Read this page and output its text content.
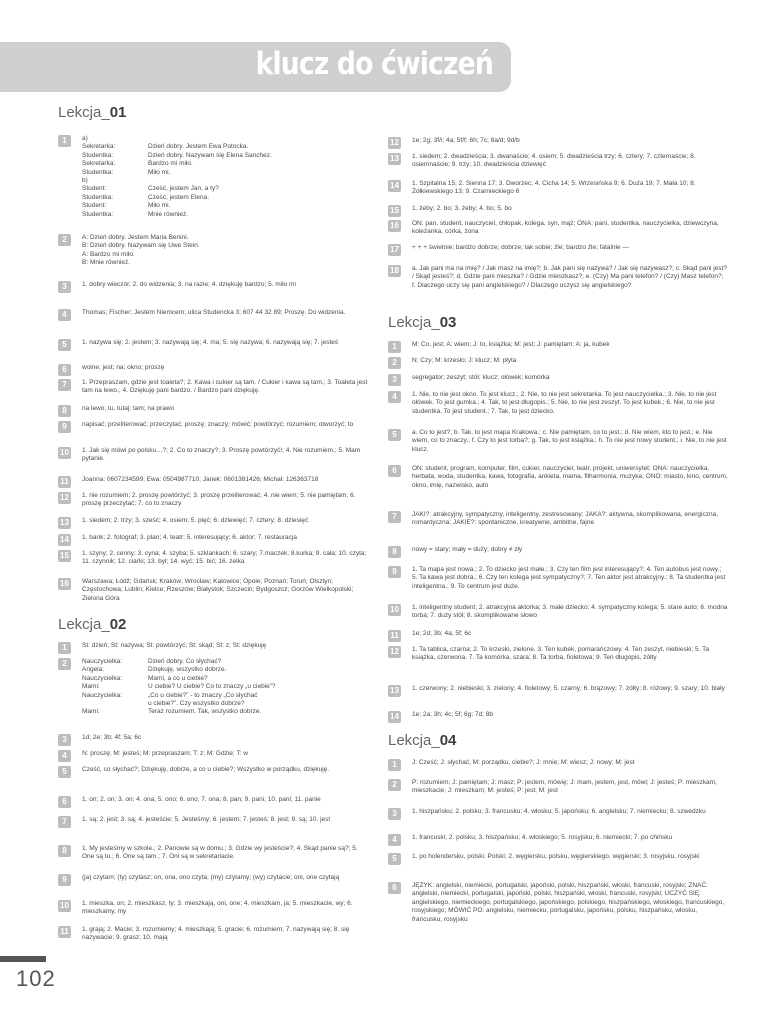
klucz do ćwiczeń
Lekcja_01
1	a)
Sekretarka:	Dzień dobry. Jestem Ewa Potocka.
Studentka:	Dzień dobry. Nazywam się Elena Sanchez.
Sekretarka:	Bardzo mi miło.
Studentka:	Miło mi.
b)
Student:	Cześć, jestem Jan, a ty?
Studentka:	Cześć, jestem Elena.
Student:	Miło mi.
Studentka:	Mnie również.
2	A: Dzień dobry. Jestem Maria Benini.
B: Dzień dobry. Nazywam się Uwe Stein.
A: Bardzo mi miło.
B: Mnie również.
3	1. dobry wieczór, 2. do widzenia; 3. na razie; 4. dziękuję bardzo; 5. miło mi
4	Thomas; Fischer; Jestem Niemcem; ulica Studencka 3; 607 44 32 89; Proszę. Do widzenia.
5	1. nazywa się; 2. jestem; 3. nazywają się; 4. ma; 5. się nazywa; 6. nazywają się; 7. jesteś
6	wolne; jest; na; okno; proszę
7	1. Przepraszam, gdzie jest toaleta?; 2. Kawa i cukier są tam. / Cukier i kawa są tam.; 3. Toaleta jest tam na lewo.; 4. Dziękuję pani bardzo. / Bardzo pani dziękuję.
8	na lewo; tu, tutaj; tam; na prawo
9	napisać; przeliterować; przeczytać; proszę; znaczy; mówić; powtórzyć; rozumiem; otworzyć; to
10	1. Jak się mówi po polsku…?; 2. Co to znaczy?; 3. Proszę powtórzyć!; 4. Nie rozumiem.; 5. Mam pytanie.
11	Joanna: 0607234599; Ewa: 0504987710; Janek: 0601381426; Michał: 126363718
12	1. nie rozumiem; 2. proszę powtórzyć; 3. proszę przeliterować; 4. nie wiem; 5. nie pamiętam; 6. proszę przeczytać; 7. co to znaczy
13	1. siedem; 2. trzy; 3. sześć; 4. osiem; 5. pięć; 6. dziewięć; 7. cztery; 8. dziesięć
14	1. bank; 2. fotograf; 3. plan; 4. teatr; 5. interesujący; 6. aktor; 7. restauracja
15	1. szyny; 2. cenny; 3. cyna; 4. szyba; 5. szklankach; 6. szary; 7.maczek; 8.kurka; 9. cała; 10. czyta; 11. czynnik; 12. ciarki; 13. był; 14. wyć; 15. bić; 16. żelka
16	Warszawa; Łódź; Gdańsk; Kraków; Wrocław; Katowice; Opole; Poznań; Toruń; Olsztyn; Częstochowa; Lublin; Kielce; Rzeszów; Białystok; Szczecin; Bydgoszcz; Gorzów Wielkopolski; Zielona Góra
Lekcja_02
1	St: dzień; St: nazywa; St: powtórzyć; St: skąd; St: z; St: dziękuję
2	Nauczycielka:	Dzień dobry. Co słychać?
Angela:	Dziękuję, wszystko dobrze.
Nauczycielka:	Mami, a co u ciebie?
Mami:	U ciebie? U ciebie? Co to znaczy „u ciebie”?
Nauczycielka:	„Co u ciebie?” - to znaczy „Co słychać
u ciebie?”. Czy wszystko dobrze?
Mami:	Teraz rozumiem. Tak, wszystko dobrze.
3	1d; 2e; 3b; 4f; 5a; 6c
4	N: proszę; M: jesteś; M: przepraszam; T: z; M: Gdzie; T: w
5	Cześć, co słychać?; Dziękuję, dobrze, a co u ciebie?; Wszystko w porządku, dziękuję.
6	1. on; 2. on; 3. on; 4. ona; 5. ono; 6. ono; 7. ona; 8. pan; 9. pani; 10. pani; 11. panie
7	1. są; 2. jest; 3. są; 4. jesteście; 5. Jesteśmy; 6. jestem; 7. jesteś; 8. jest; 9. są; 10. jest
8	1. My jesteśmy w szkole.; 2. Panowie są w domu.; 3. Gdzie wy jesteście?; 4. Skąd panie są?; 5. One są tu.; 6. One są tam.; 7. Oni są w sekretariacie.
9	(ja) czytam; (ty) czytasz; on, ona, ono czyta; (my) czytamy; (wy) czytacie; oni, one czytają
10	1. mieszka, on; 2. mieszkasz, ty; 3. mieszkają, oni, one; 4. mieszkam, ja; 5. mieszkacie, wy; 6. mieszkamy, my
11	1. grają; 2. Macie; 3. rozumiemy; 4. mieszkają; 5. gracie; 6. rozumiem; 7. nazywają się; 8. się nazywacie; 9. grasz; 10. mają
12	1e; 2g; 3f/i; 4a; 5f/f; 6h; 7c; 8a/d; 9d/b
13	1. siedem; 2. dwadzieścia; 3. dwanaście; 4. osiem; 5. dwadzieścia trzy; 6. cztery; 7. czternaście; 8. osiemnaście; 9. trzy; 10. dwadzieścia dziewięć
14	1. Szpitalna 15; 2. Sienna 17; 3. Dworzec; 4. Cicha 14; 5. Wrzesińska 9; 6. Duża 19; 7. Mała 10; 8. Żółkiewskiego 13; 9. Czarnieckiego 6
15	1. żeby; 2. bo; 3. żeby; 4. bo; 5. bo
16	ON: pan, student, nauczyciel, chłopak, kolega, syn, mąż; ONA: pani, studentka, nauczycielka, dziewczyna, koleżanka, córka, żona
17	+ + + świetnie; bardzo dobrze; dobrze; tak sobie; źle; bardzo źle; fatalnie —
18	a. Jak pani ma na imię? / Jak masz na imię?; b. Jak pani się nazywa? / Jak się nazywasz?; c. Skąd pani jest? / Skąd jesteś?; d. Gdzie pani mieszka? / Gdzie mieszkasz?; e. (Czy) Ma pani telefon? / (Czy) Masz telefon?; f. Dlaczego uczy się pani angielskiego? / Dlaczego uczysz się angielskiego?
Lekcja_03
1	M: Co, jest; A: wiem; J: to, książka; M: jest; J: pamiętam; A: ja, kubek
2	N: Czy; M: krzesło; J: klucz; M: płyta
3	segregator; zeszyt; stół; klucz; ołówek; komórka
4	1. Nie, to nie jest okno. To jest klucz.; 2. Nie, to nie jest sekretarka. To jest nauczycielka.; 3. Nie, to nie jest ołówek. To jest gumka.; 4. Tak, to jest długopis.; 5. Nie, to nie jest zeszyt. To jest kubek.; 6. Nie, to nie jest studentka. To jest student.; 7. Tak, to jest dziecko.
5	a. Co to jest?; b. Tak, to jest mapa Krakowa.; c. Nie pamiętam, co to jest.; d. Nie wiem, kto to jest.; e. Nie wiem, co to znaczy.; f. Czy to jest torba?; g. Tak, to jest książka.; h. To nie jest nowy student.; i. Nie, to nie jest klucz.
6	ON: student, program, komputer, film, cukier, nauczyciel, teatr, projekt, uniwersytet; ONA: nauczycielka, herbata, woda, studentka, kawa, fotografia, ankieta, mama, filharmonia, muzyka; ONO: miasto, kino, centrum, okno, imię, nazwisko, auto
7	JAKI?: atrakcyjny, sympatyczny, inteligentny, zestresowany; JAKA?: aktywna, skomplikowana, energiczna, romantyczna; JAKIE?: spontaniczne, kreatywne, ambitne, fajne
8	nowy = stary; mały = duży; dobry ≠ zły
9	1. Ta mapa jest nowa.; 2. To dziecko jest małe.; 3. Czy ten film jest interesujący?; 4. Ten autobus jest nowy.; 5. Ta kawa jest dobra.; 6. Czy ten kolega jest sympatyczny?; 7. Ten aktor jest atrakcyjny.; 8. Ta studentka jest inteligentna.; 9. To centrum jest duże.
10	1. inteligentny student; 2. atrakcyjna aktorka; 3. małe dziecko; 4. sympatyczny kolega; 5. stare auto; 6. modna torba; 7. duży stół; 8. skomplikowane słowo
11	1e; 2d; 3b; 4a; 5f; 6c
12	1. Ta tablica, czarna; 2. To krzesło, zielone. 3. Ten kubek, pomarańczowy. 4. Ten zeszyt, niebieski; 5. Ta książka, czerwona. 7. Ta komórka, szara; 8. Ta torba, fioletowa; 9. Ten długopis, żółty
13	1. czerwony; 2. niebieski; 3. zielony; 4. fioletowy; 5. czarny; 6. brązowy; 7. żółty; 8. różowy; 9. szary; 10. biały
14	1e; 2a; 3h; 4c; 5f; 6g; 7d; 8b
Lekcja_04
1	J: Cześć; J: słychać; M: porządku, ciebie?; J: mnie; M: wiesz; J: nowy; M: jest
2	P: rozumiem; J: pamiętam; J: masz; P: jestem, mówię; J: mam, jestem, jest, mówi; J: jesteś; P: mieszkam, mieszkacie; J: mieszkam; M: jesteś; P: jest; M: jest
3	1. hiszpańsku; 2. polsku; 3. francusku; 4. włosku; 5. japońsku; 6. angielsku; 7. niemiecku; 8. szwedzku
4	1. francuski; 2. polsku; 3. hiszpańsku; 4. włoskiego; 5. rosyjsku; 6. niemiecki; 7. po chińsku
5	1. po holendersku, polski. Polski; 2. węgiersku, polsku, węgierskiego, węgierski; 3. rosyjsku, rosyjski
6	JĘZYK: angielski, niemiecki, portugalski, japoński, polski, hiszpański, włoski, francuski, rosyjski; ZNAĆ: angielski, niemiecki, portugalski, japoński, polski, hiszpański, włoski, francuski, rosyjski; UCZYĆ SIĘ: angielskiego, niemieckiego, portugalskiego, japońskiego, polskiego, hiszpańskiego, włoskiego, francuskiego, rosyjskiego; MÓWIĆ PO: angielsku, niemiecku, portugalsku, japońsku, polsku, hiszpańsku, włosku, francusku, rosyjsku

102
